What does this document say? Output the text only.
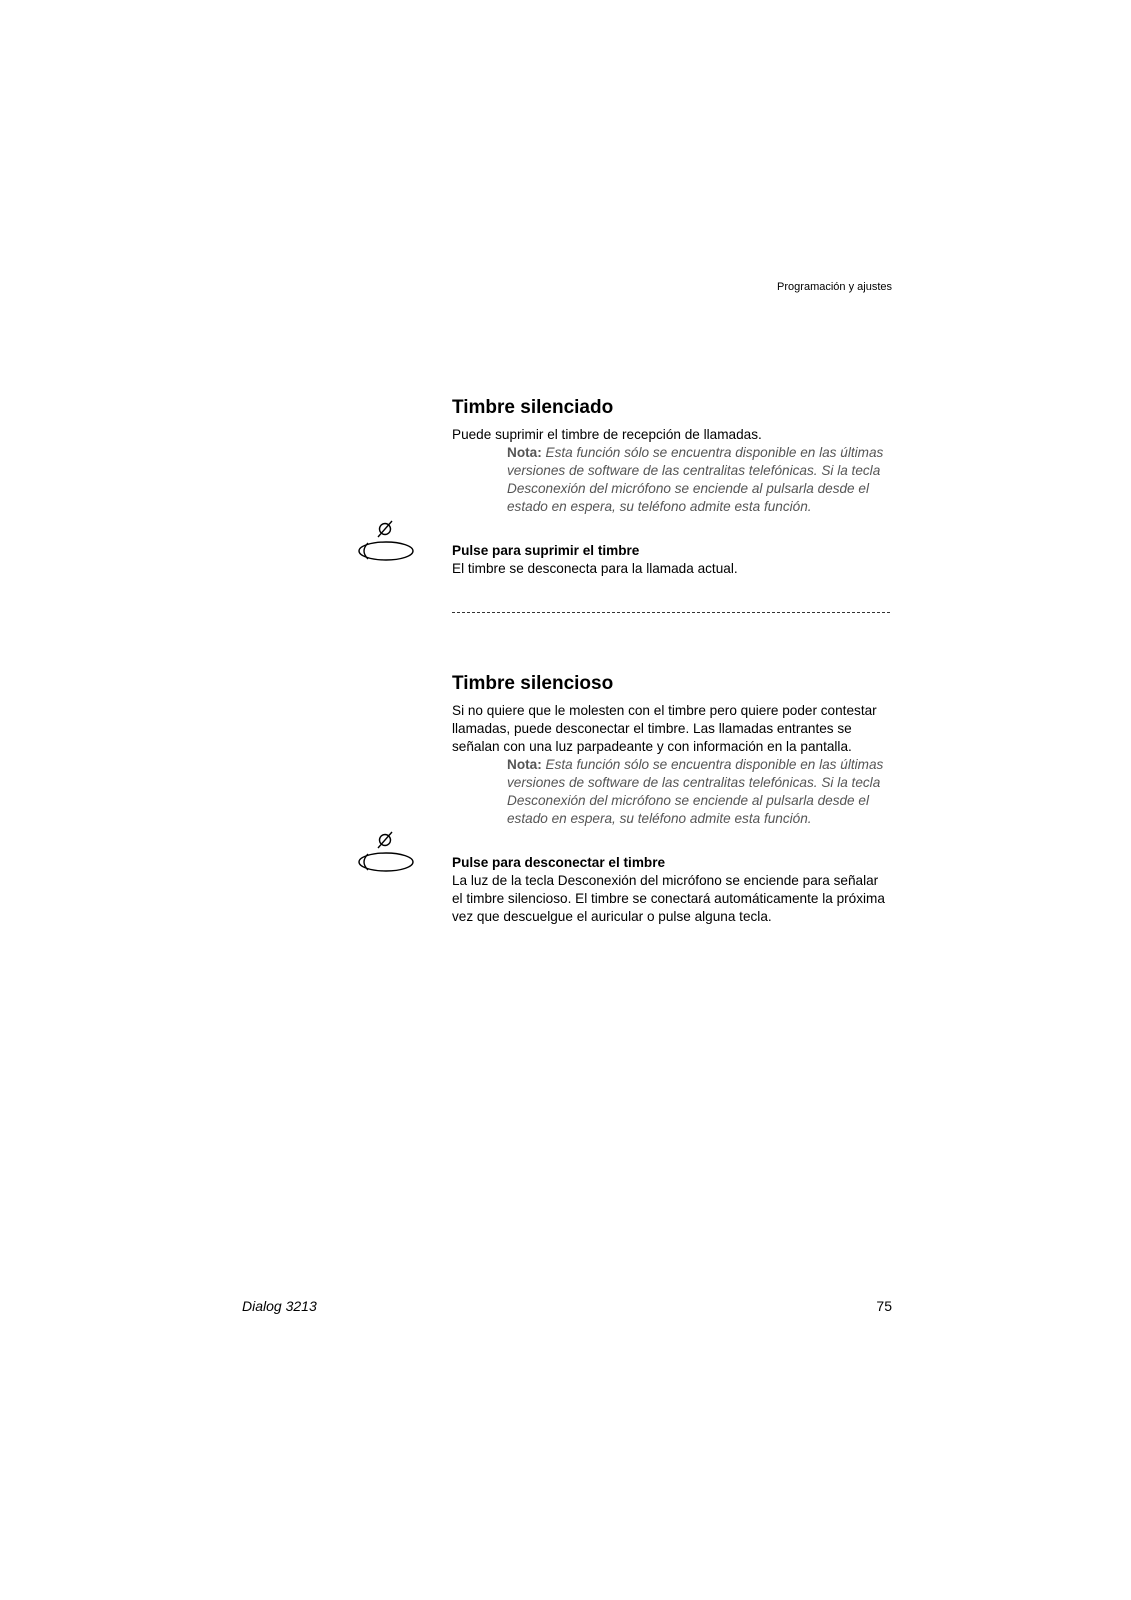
Programación y ajustes
Timbre silenciado

Puede suprimir el timbre de recepción de llamadas.

Nota: Esta función sólo se encuentra disponible en las últimas versiones de software de las centralitas telefónicas. Si la tecla Desconexión del micrófono se enciende al pulsarla desde el estado en espera, su teléfono admite esta función.

Pulse para suprimir el timbre

El timbre se desconecta para la llamada actual.

Timbre silencioso

Si no quiere que le molesten con el timbre pero quiere poder contestar llamadas, puede desconectar el timbre. Las llamadas entrantes se señalan con una luz parpadeante y con información en la pantalla.

Nota: Esta función sólo se encuentra disponible en las últimas versiones de software de las centralitas telefónicas. Si la tecla Desconexión del micrófono se enciende al pulsarla desde el estado en espera, su teléfono admite esta función.

Pulse para desconectar el timbre

La luz de la tecla Desconexión del micrófono se enciende para señalar el timbre silencioso. El timbre se conectará automáticamente la próxima vez que descuelgue el auricular o pulse alguna tecla.

Dialog 3213	75
